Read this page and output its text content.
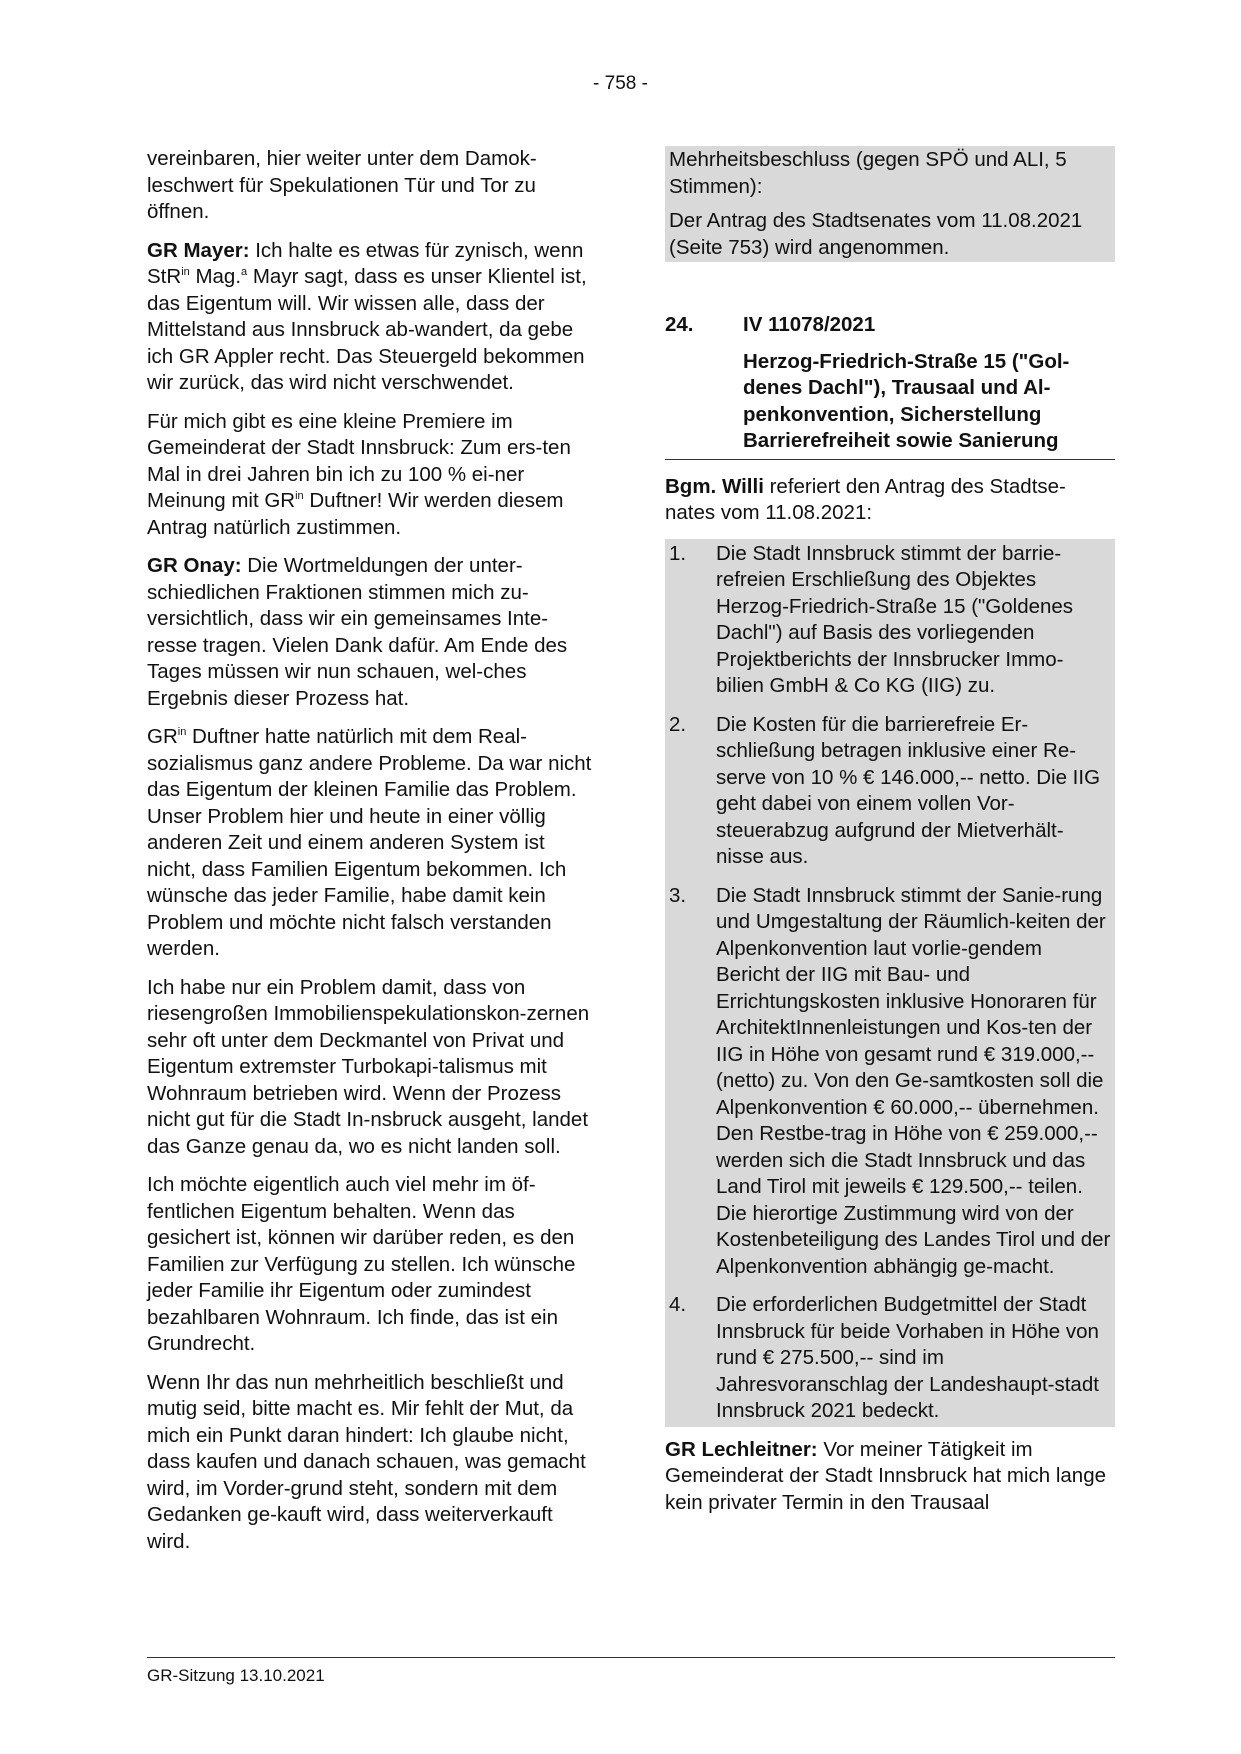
- 758 -

vereinbaren, hier weiter unter dem Damok-leschwert für Spekulationen Tür und Tor zu öffnen.

GR Mayer: Ich halte es etwas für zynisch, wenn StR$^{in}$ Mag.$^a$ Mayr sagt, dass es unser Klientel ist, das Eigentum will. Wir wissen alle, dass der Mittelstand aus Innsbruck ab-wandert, da gebe ich GR Appler recht. Das Steuergeld bekommen wir zurück, das wird nicht verschwendet.

Für mich gibt es eine kleine Premiere im Gemeinderat der Stadt Innsbruck: Zum ers-ten Mal in drei Jahren bin ich zu 100 % ei-ner Meinung mit $GR^{in}$ Duftner! Wir werden diesem Antrag natürlich zustimmen.

GR Onay: Die Wortmeldungen der unter-schiedlichen Fraktionen stimmen mich zu-versichtlich, dass wir ein gemeinsames Inte-resse tragen. Vielen Dank dafür. Am Ende des Tages müssen wir nun schauen, wel-ches Ergebnis dieser Prozess hat.

$GR^{in}$ Duftner hatte natürlich mit dem Real-sozialismus ganz andere Probleme. Da war nicht das Eigentum der kleinen Familie das Problem. Unser Problem hier und heute in einer völlig anderen Zeit und einem anderen System ist nicht, dass Familien Eigentum bekommen. Ich wünsche das jeder Familie, habe damit kein Problem und möchte nicht falsch verstanden werden.

Ich habe nur ein Problem damit, dass von riesengroßen Immobilienspekulationskon-zernen sehr oft unter dem Deckmantel von Privat und Eigentum extremster Turbokapi-talismus mit Wohnraum betrieben wird. Wenn der Prozess nicht gut für die Stadt In-nsbruck ausgeht, landet das Ganze genau da, wo es nicht landen soll.

Ich möchte eigentlich auch viel mehr im öf-fentlichen Eigentum behalten. Wenn das gesichert ist, können wir darüber reden, es den Familien zur Verfügung zu stellen. Ich wünsche jeder Familie ihr Eigentum oder zumindest bezahlbaren Wohnraum. Ich finde, das ist ein Grundrecht.

Wenn Ihr das nun mehrheitlich beschließt und mutig seid, bitte macht es. Mir fehlt der Mut, da mich ein Punkt daran hindert: Ich glaube nicht, dass kaufen und danach schauen, was gemacht wird, im Vorder-grund steht, sondern mit dem Gedanken ge-kauft wird, dass weiterverkauft wird.

Mehrheitsbeschluss (gegen SPÖ und ALI, 5 Stimmen):

Der Antrag des Stadtsenates vom 11.08.2021 (Seite 753) wird angenommen.

24.	IV 11078/2021
Herzog-Friedrich-Straße 15 ("Gol-denes Dachl"), Trausaal und Al-penkonvention, Sicherstellung Barrierefreiheit sowie Sanierung

Bgm. Willi referiert den Antrag des Stadtse-nates vom 11.08.2021:

1.	Die Stadt Innsbruck stimmt der barrie-refreien Erschließung des Objektes Herzog-Friedrich-Straße 15 ("Goldenes Dachl") auf Basis des vorliegenden Projektberichts der Innsbrucker Immo-bilien GmbH & Co KG (IIG) zu.
2.	Die Kosten für die barrierefreie Er-schließung betragen inklusive einer Re-serve von 10 % € 146.000,-- netto. Die IIG geht dabei von einem vollen Vor-steuerabzug aufgrund der Mietverhält-nisse aus.
3.	Die Stadt Innsbruck stimmt der Sanie-rung und Umgestaltung der Räumlich-keiten der Alpenkonvention laut vorlie-gendem Bericht der IIG mit Bau- und Errichtungskosten inklusive Honoraren für ArchitektInnenleistungen und Kos-ten der IIG in Höhe von gesamt rund € 319.000,-- (netto) zu. Von den Ge-samtkosten soll die Alpenkonvention € 60.000,-- übernehmen. Den Restbe-trag in Höhe von € 259.000,-- werden sich die Stadt Innsbruck und das Land Tirol mit jeweils € 129.500,-- teilen. Die hierortige Zustimmung wird von der Kostenbeteiligung des Landes Tirol und der Alpenkonvention abhängig ge-macht.
4.	Die erforderlichen Budgetmittel der Stadt Innsbruck für beide Vorhaben in Höhe von rund € 275.500,-- sind im Jahresvoranschlag der Landeshaupt-stadt Innsbruck 2021 bedeckt.

GR Lechleitner: Vor meiner Tätigkeit im Gemeinderat der Stadt Innsbruck hat mich lange kein privater Termin in den Trausaal

GR-Sitzung 13.10.2021
